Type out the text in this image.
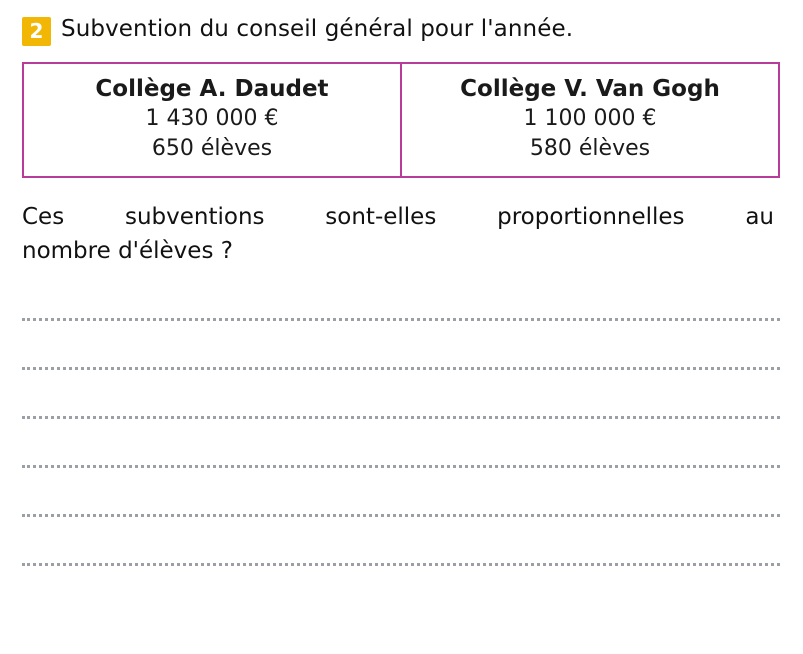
2 Subvention du conseil général pour l'année.
Collège A. Daudet
1 430 000 €
650 élèves

Collège V. Van Gogh
1 100 000 €
580 élèves
Ces subventions sont-elles proportionnelles au
nombre d'élèves ?
